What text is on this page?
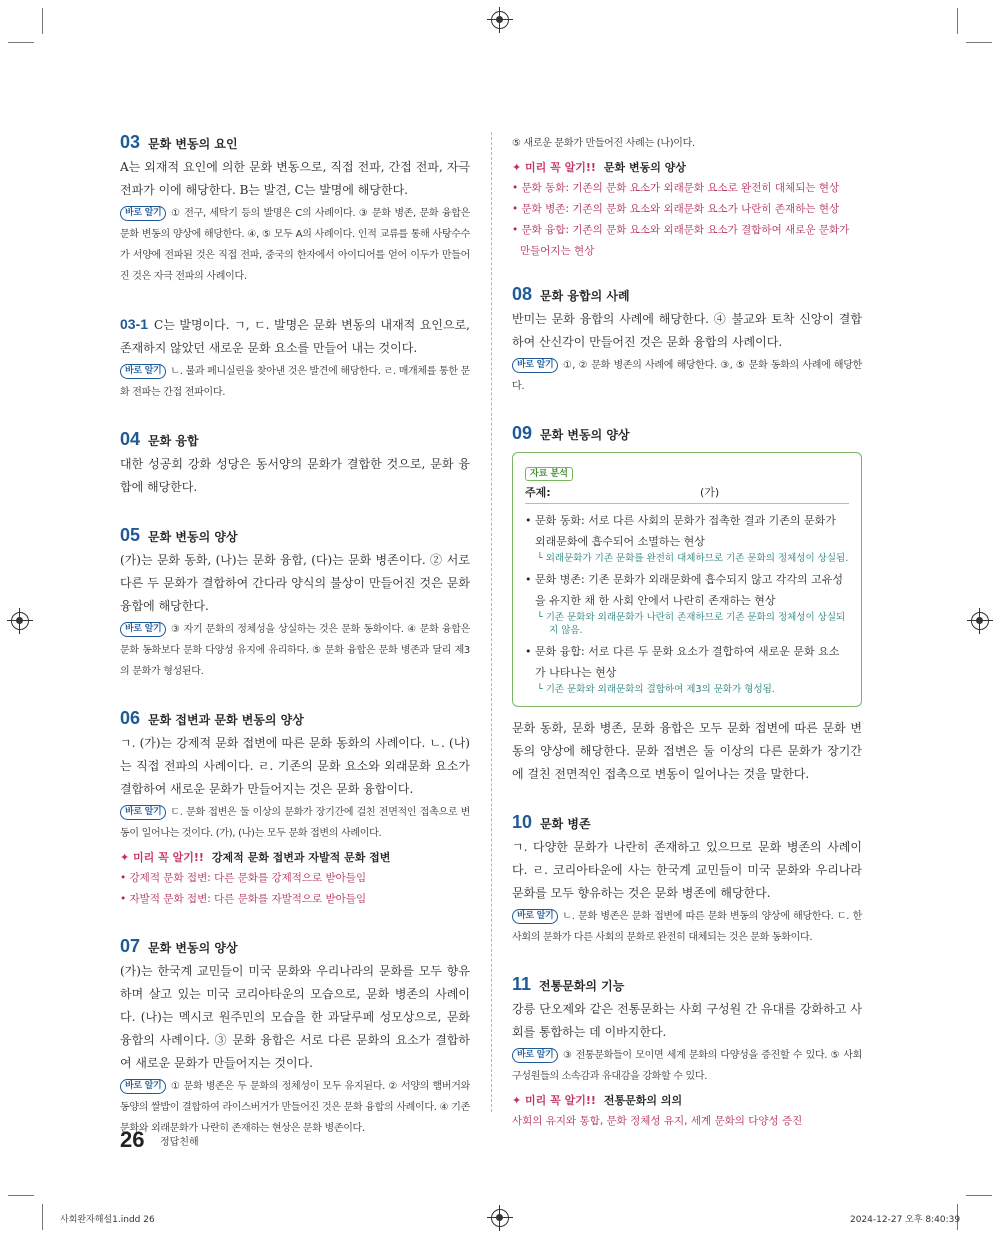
03 문화 변동의 요인

A는 외재적 요인에 의한 문화 변동으로, 직접 전파, 간접 전파, 자극 전파가 이에 해당한다. B는 발견, C는 발명에 해당한다.

바로 알기 ① 전구, 세탁기 등의 발명은 C의 사례이다. ③ 문화 병존, 문화 융합은 문화 변동의 양상에 해당한다. ④, ⑤ 모두 A의 사례이다. 인적 교류를 통해 사탕수수가 서양에 전파된 것은 직접 전파, 중국의 한자에서 아이디어를 얻어 이두가 만들어진 것은 자극 전파의 사례이다.

03-1 C는 발명이다. ㄱ, ㄷ. 발명은 문화 변동의 내재적 요인으로, 존재하지 않았던 새로운 문화 요소를 만들어 내는 것이다.

바로 알기 ㄴ. 불과 페니실린을 찾아낸 것은 발견에 해당한다. ㄹ. 매개체를 통한 문화 전파는 간접 전파이다.

04 문화 융합

대한 성공회 강화 성당은 동서양의 문화가 결합한 것으로, 문화 융합에 해당한다.

05 문화 변동의 양상

(가)는 문화 동화, (나)는 문화 융합, (다)는 문화 병존이다. ② 서로 다른 두 문화가 결합하여 간다라 양식의 불상이 만들어진 것은 문화 융합에 해당한다.

바로 알기 ③ 자기 문화의 정체성을 상실하는 것은 문화 동화이다. ④ 문화 융합은 문화 동화보다 문화 다양성 유지에 유리하다. ⑤ 문화 융합은 문화 병존과 달리 제3의 문화가 형성된다.

06 문화 접변과 문화 변동의 양상

ㄱ. (가)는 강제적 문화 접변에 따른 문화 동화의 사례이다. ㄴ. (나)는 직접 전파의 사례이다. ㄹ. 기존의 문화 요소와 외래문화 요소가 결합하여 새로운 문화가 만들어지는 것은 문화 융합이다.

바로 알기 ㄷ. 문화 접변은 둘 이상의 문화가 장기간에 걸친 전면적인 접촉으로 변동이 일어나는 것이다. (가), (나)는 모두 문화 접변의 사례이다.

✦ 미리 꼭 알기!! 강제적 문화 접변과 자발적 문화 접변

• 강제적 문화 접변: 다른 문화를 강제적으로 받아들임

• 자발적 문화 접변: 다른 문화를 자발적으로 받아들임

07 문화 변동의 양상

(가)는 한국계 교민들이 미국 문화와 우리나라의 문화를 모두 향유하며 살고 있는 미국 코리아타운의 모습으로, 문화 병존의 사례이다. (나)는 멕시코 원주민의 모습을 한 과달루페 성모상으로, 문화 융합의 사례이다. ③ 문화 융합은 서로 다른 문화의 요소가 결합하여 새로운 문화가 만들어지는 것이다.

바로 알기 ① 문화 병존은 두 문화의 정체성이 모두 유지된다. ② 서양의 햄버거와 동양의 쌀밥이 결합하여 라이스버거가 만들어진 것은 문화 융합의 사례이다. ④ 기존 문화와 외래문화가 나란히 존재하는 현상은 문화 병존이다.

⑤ 새로운 문화가 만들어진 사례는 (나)이다.

✦ 미리 꼭 알기!! 문화 변동의 양상

• 문화 동화: 기존의 문화 요소가 외래문화 요소로 완전히 대체되는 현상

• 문화 병존: 기존의 문화 요소와 외래문화 요소가 나란히 존재하는 현상

• 문화 융합: 기존의 문화 요소와 외래문화 요소가 결합하여 새로운 문화가 만들어지는 현상

08 문화 융합의 사례

반미는 문화 융합의 사례에 해당한다. ④ 불교와 토착 신앙이 결합하여 산신각이 만들어진 것은 문화 융합의 사례이다.

바로 알기 ①, ② 문화 병존의 사례에 해당한다. ③, ⑤ 문화 동화의 사례에 해당한다.

09 문화 변동의 양상
자료 분석
주제:	(가)

• 문화 동화: 서로 다른 사회의 문화가 접촉한 결과 기존의 문화가 외래문화에 흡수되어 소멸하는 현상

└ 외래문화가 기존 문화를 완전히 대체하므로 기존 문화의 정체성이 상실됨.

• 문화 병존: 기존 문화가 외래문화에 흡수되지 않고 각각의 고유성을 유지한 채 한 사회 안에서 나란히 존재하는 현상

└ 기존 문화와 외래문화가 나란히 존재하므로 기존 문화의 정체성이 상실되지 않음.

• 문화 융합: 서로 다른 두 문화 요소가 결합하여 새로운 문화 요소가 나타나는 현상

└ 기존 문화와 외래문화의 결합하여 제3의 문화가 형성됨.

문화 동화, 문화 병존, 문화 융합은 모두 문화 접변에 따른 문화 변동의 양상에 해당한다. 문화 접변은 둘 이상의 다른 문화가 장기간에 걸친 전면적인 접촉으로 변동이 일어나는 것을 말한다.

10 문화 병존

ㄱ. 다양한 문화가 나란히 존재하고 있으므로 문화 병존의 사례이다. ㄹ. 코리아타운에 사는 한국계 교민들이 미국 문화와 우리나라 문화를 모두 향유하는 것은 문화 병존에 해당한다.

바로 알기 ㄴ. 문화 병존은 문화 접변에 따른 문화 변동의 양상에 해당한다. ㄷ. 한 사회의 문화가 다른 사회의 문화로 완전히 대체되는 것은 문화 동화이다.

11 전통문화의 기능

강릉 단오제와 같은 전통문화는 사회 구성원 간 유대를 강화하고 사회를 통합하는 데 이바지한다.

바로 알기 ③ 전통문화들이 모이면 세계 문화의 다양성을 증진할 수 있다. ⑤ 사회 구성원들의 소속감과 유대감을 강화할 수 있다.

✦ 미리 꼭 알기!! 전통문화의 의의

사회의 유지와 통합, 문화 정체성 유지, 세계 문화의 다양성 증진

26 정답친해
사회완자해설1.indd 26	2024-12-27 오후 8:40:39
